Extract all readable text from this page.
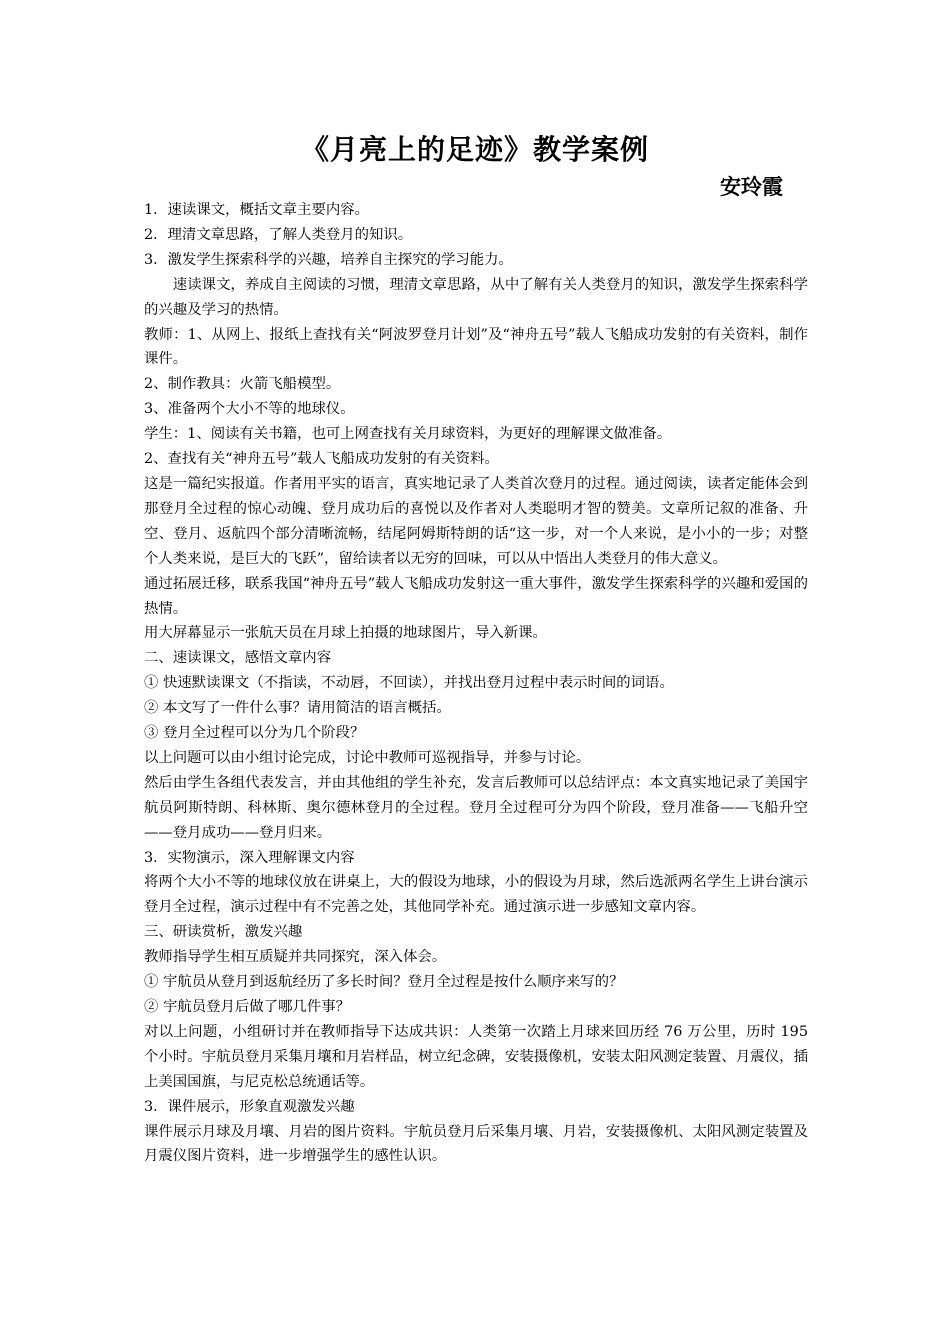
《月亮上的足迹》教学案例
安玲霞

1．速读课文，概括文章主要内容。

2．理清文章思路，了解人类登月的知识。

3．激发学生探索科学的兴趣，培养自主探究的学习能力。

速读课文，养成自主阅读的习惯，理清文章思路，从中了解有关人类登月的知识，激发学生探索科学的兴趣及学习的热情。

教师：1、从网上、报纸上查找有关“阿波罗登月计划”及“神舟五号”载人飞船成功发射的有关资料，制作课件。

2、制作教具：火箭飞船模型。

3、准备两个大小不等的地球仪。

学生：1、阅读有关书籍，也可上网查找有关月球资料，为更好的理解课文做准备。

2、查找有关“神舟五号”载人飞船成功发射的有关资料。

这是一篇纪实报道。作者用平实的语言，真实地记录了人类首次登月的过程。通过阅读，读者定能体会到那登月全过程的惊心动魄、登月成功后的喜悦以及作者对人类聪明才智的赞美。文章所记叙的准备、升空、登月、返航四个部分清晰流畅，结尾阿姆斯特朗的话“这一步，对一个人来说，是小小的一步；对整个人类来说，是巨大的飞跃”，留给读者以无穷的回味，可以从中悟出人类登月的伟大意义。

通过拓展迁移，联系我国“神舟五号”载人飞船成功发射这一重大事件，激发学生探索科学的兴趣和爱国的热情。

用大屏幕显示一张航天员在月球上拍摄的地球图片，导入新课。

二、速读课文，感悟文章内容

① 快速默读课文（不指读，不动唇，不回读），并找出登月过程中表示时间的词语。

② 本文写了一件什么事？请用简洁的语言概括。

③ 登月全过程可以分为几个阶段？

以上问题可以由小组讨论完成，讨论中教师可巡视指导，并参与讨论。

然后由学生各组代表发言，并由其他组的学生补充，发言后教师可以总结评点：本文真实地记录了美国宇航员阿斯特朗、科林斯、奥尔德林登月的全过程。登月全过程可分为四个阶段，登月准备——飞船升空——登月成功——登月归来。

3．实物演示，深入理解课文内容

将两个大小不等的地球仪放在讲桌上，大的假设为地球，小的假设为月球，然后选派两名学生上讲台演示登月全过程，演示过程中有不完善之处，其他同学补充。通过演示进一步感知文章内容。

三、研读赏析，激发兴趣

教师指导学生相互质疑并共同探究，深入体会。

① 宇航员从登月到返航经历了多长时间？登月全过程是按什么顺序来写的？

② 宇航员登月后做了哪几件事？

对以上问题，小组研讨并在教师指导下达成共识：人类第一次踏上月球来回历经 76 万公里，历时 195 个小时。宇航员登月采集月壤和月岩样品，树立纪念碑，安装摄像机，安装太阳风测定装置、月震仪，插上美国国旗，与尼克松总统通话等。

3．课件展示，形象直观激发兴趣

课件展示月球及月壤、月岩的图片资料。宇航员登月后采集月壤、月岩，安装摄像机、太阳风测定装置及月震仪图片资料，进一步增强学生的感性认识。
